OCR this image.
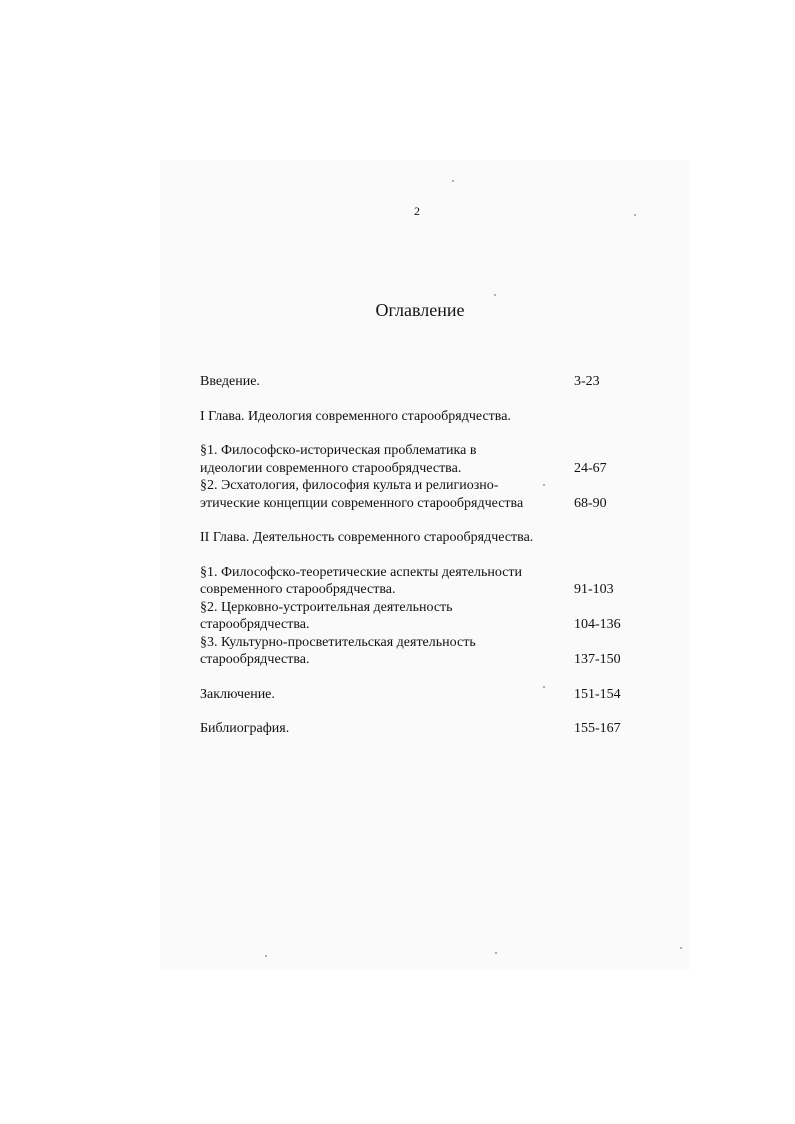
2
Оглавление
Введение.	3-23
I Глава. Идеология современного старообрядчества.
§1. Философско-историческая проблематика в
идеологии современного старообрядчества.	24-67
§2. Эсхатология, философия культа и религиозно-
этические концепции современного старообрядчества	68-90
II Глава. Деятельность современного старообрядчества.
§1. Философско-теоретические аспекты деятельности
современного старообрядчества.	91-103
§2. Церковно-устроительная деятельность
старообрядчества.	104-136
§3. Культурно-просветительская деятельность
старообрядчества.	137-150
Заключение.	151-154
Библиография.	155-167
